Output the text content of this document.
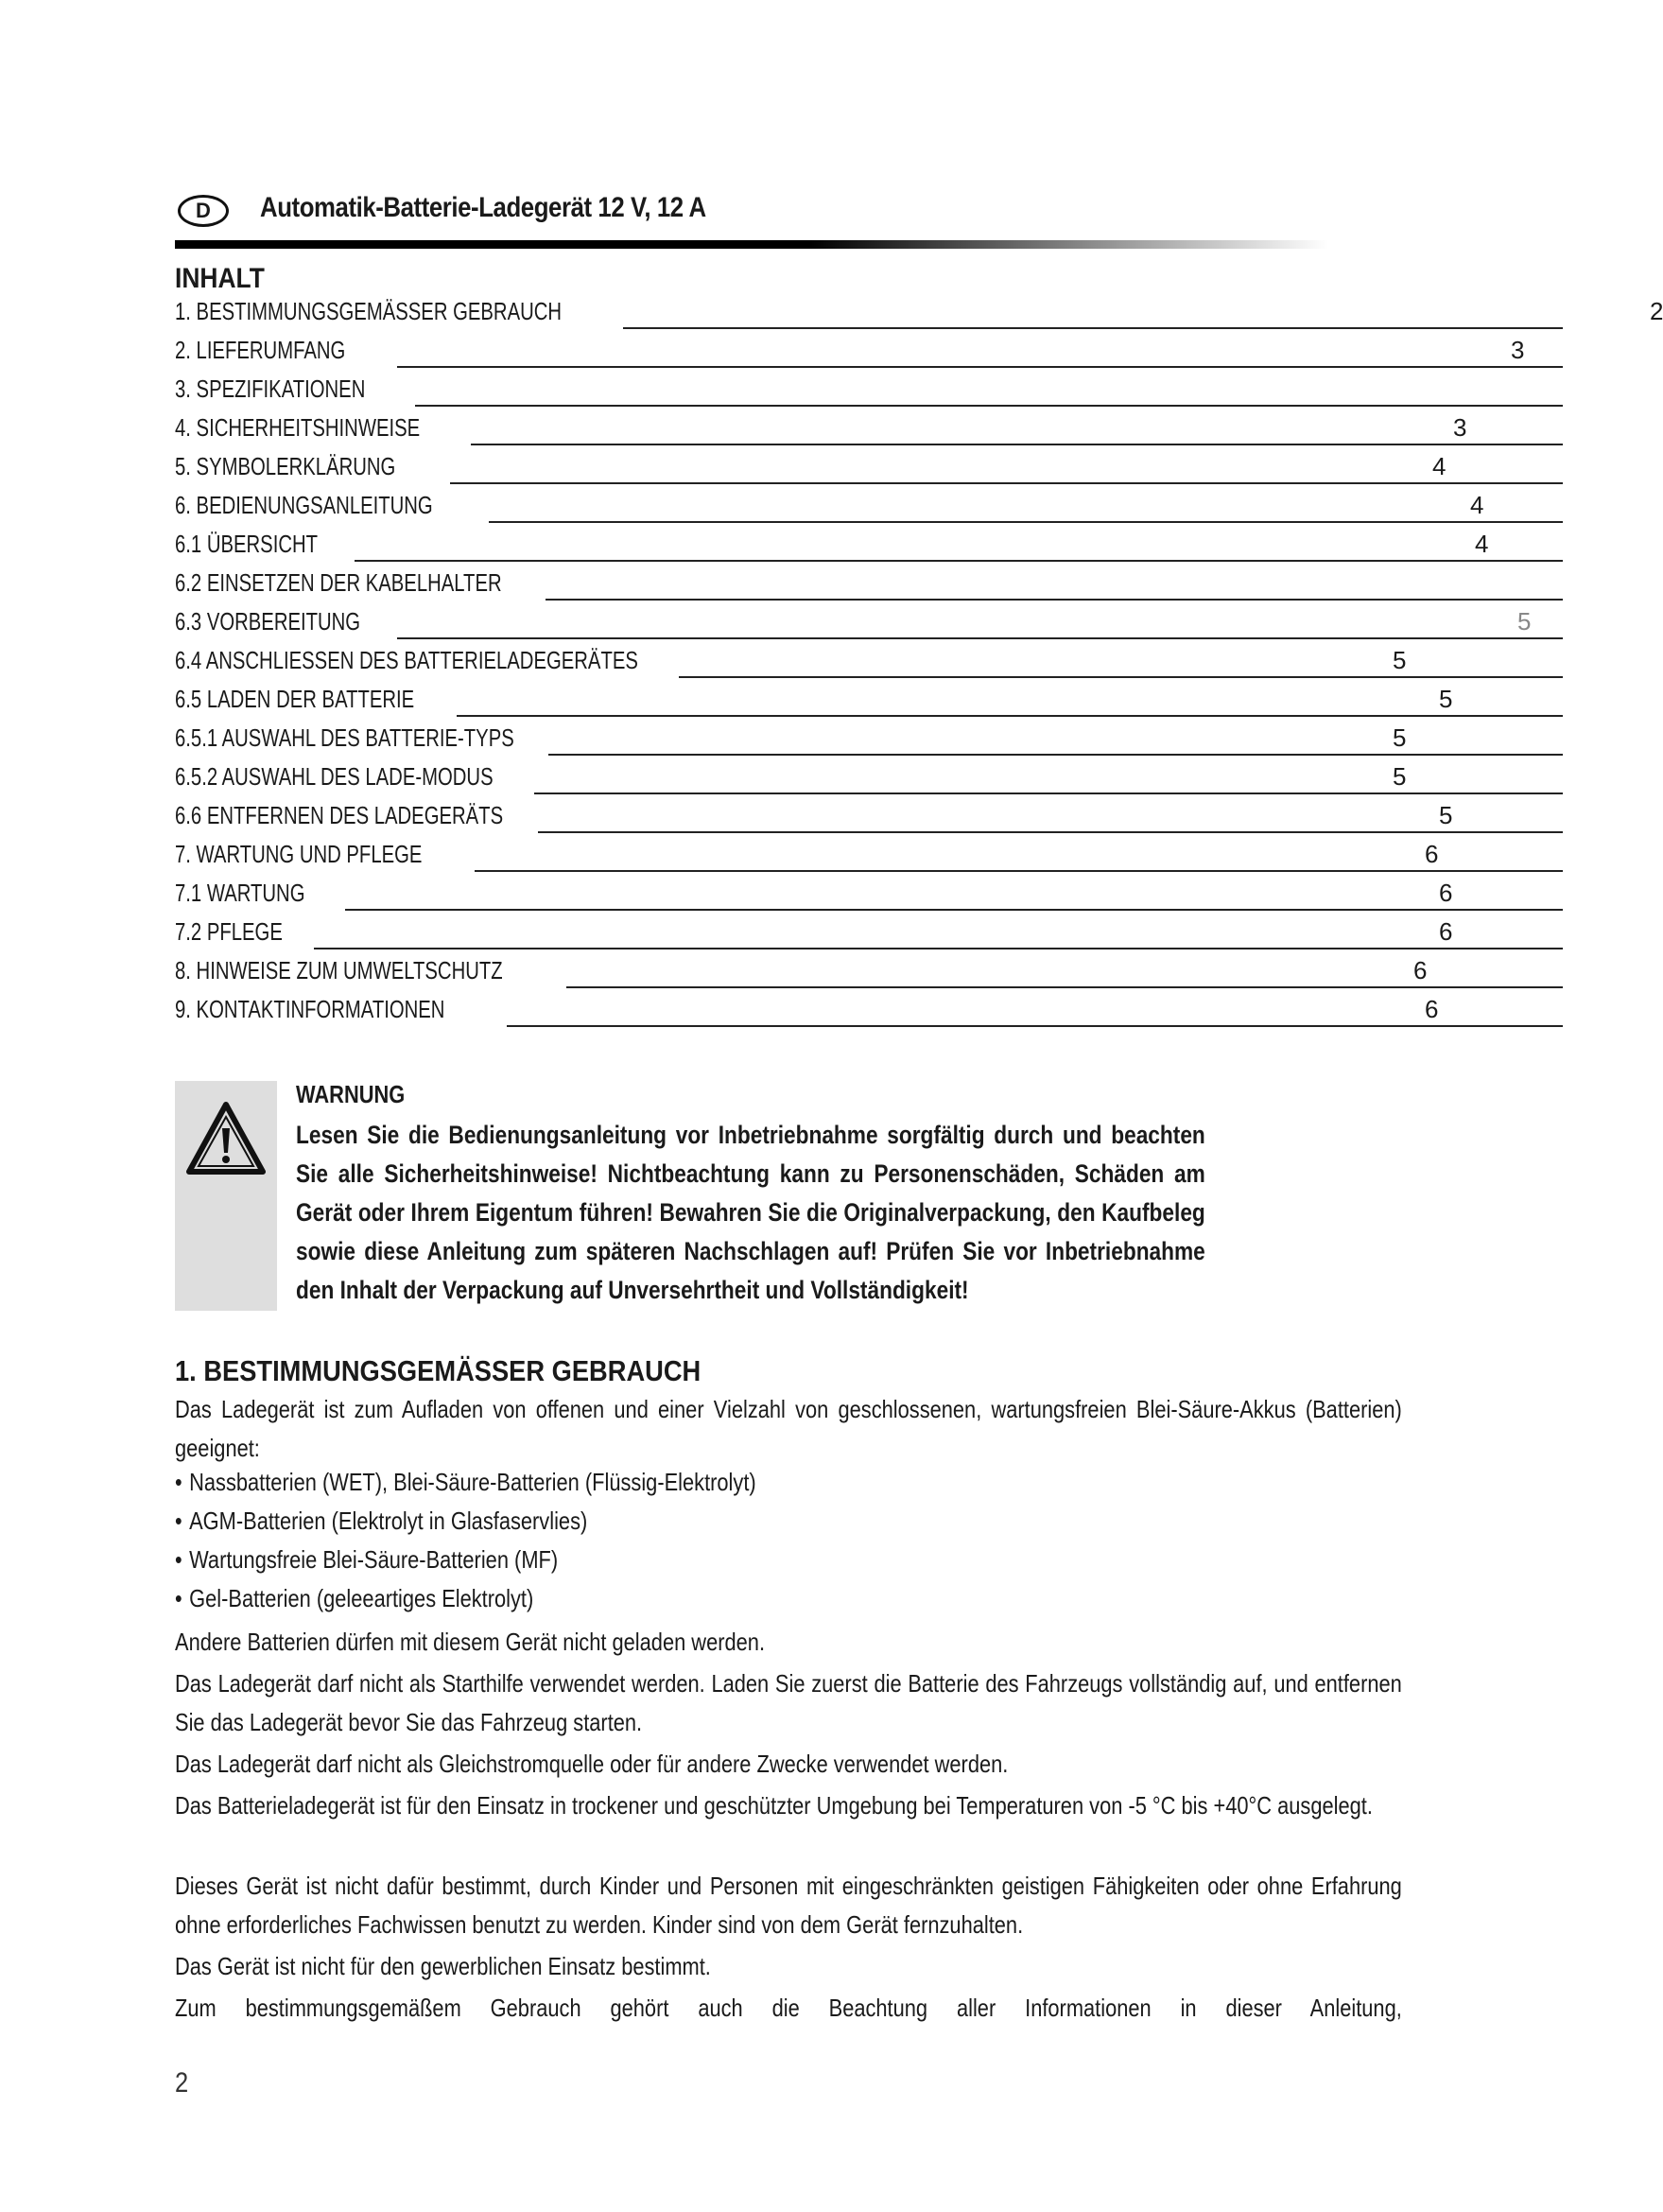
D Automatik-Batterie-Ladegerät 12 V, 12 A
INHALT
1. BESTIMMUNGSGEMÄSSER GEBRAUCH	2
2. LIEFERUMFANG	3
3. SPEZIFIKATIONEN
4. SICHERHEITSHINWEISE	3
5. SYMBOLERKLÄRUNG	4
6. BEDIENUNGSANLEITUNG	4
6.1 ÜBERSICHT	4
6.2 EINSETZEN DER KABELHALTER
6.3 VORBEREITUNG	5
6.4 ANSCHLIESSEN DES BATTERIELADEGERÄTES	5
6.5 LADEN DER BATTERIE	5
6.5.1 AUSWAHL DES BATTERIE-TYPS	5
6.5.2 AUSWAHL DES LADE-MODUS	5
6.6 ENTFERNEN DES LADEGERÄTS	5
7. WARTUNG UND PFLEGE	6
7.1 WARTUNG	6
7.2 PFLEGE	6
8. HINWEISE ZUM UMWELTSCHUTZ	6
9. KONTAKTINFORMATIONEN	6
WARNUNG

Lesen Sie die Bedienungsanleitung vor Inbetriebnahme sorgfältig durch und beachten Sie alle Sicherheitshinweise! Nichtbeachtung kann zu Personenschäden, Schäden am Gerät oder Ihrem Eigentum führen! Bewahren Sie die Originalverpackung, den Kaufbeleg sowie diese Anleitung zum späteren Nachschlagen auf! Prüfen Sie vor Inbetriebnahme den Inhalt der Verpackung auf Unversehrtheit und Vollständigkeit!

1. BESTIMMUNGSGEMÄSSER GEBRAUCH

Das Ladegerät ist zum Aufladen von offenen und einer Vielzahl von geschlossenen, wartungsfreien Blei-Säure-Akkus (Batterien) geeignet:

• Nassbatterien (WET), Blei-Säure-Batterien (Flüssig-Elektrolyt)
• AGM-Batterien (Elektrolyt in Glasfaservlies)
• Wartungsfreie Blei-Säure-Batterien (MF)
• Gel-Batterien (geleeartiges Elektrolyt)

Andere Batterien dürfen mit diesem Gerät nicht geladen werden.

Das Ladegerät darf nicht als Starthilfe verwendet werden. Laden Sie zuerst die Batterie des Fahrzeugs vollständig auf, und entfernen Sie das Ladegerät bevor Sie das Fahrzeug starten.

Das Ladegerät darf nicht als Gleichstromquelle oder für andere Zwecke verwendet werden.

Das Batterieladegerät ist für den Einsatz in trockener und geschützter Umgebung bei Temperaturen von -5 °C bis +40°C ausgelegt.

Dieses Gerät ist nicht dafür bestimmt, durch Kinder und Personen mit eingeschränkten geistigen Fähigkeiten oder ohne Erfahrung ohne erforderliches Fachwissen benutzt zu werden. Kinder sind von dem Gerät fernzuhalten.

Das Gerät ist nicht für den gewerblichen Einsatz bestimmt.

Zum bestimmungsgemäßem Gebrauch gehört auch die Beachtung aller Informationen in dieser Anleitung,

2
